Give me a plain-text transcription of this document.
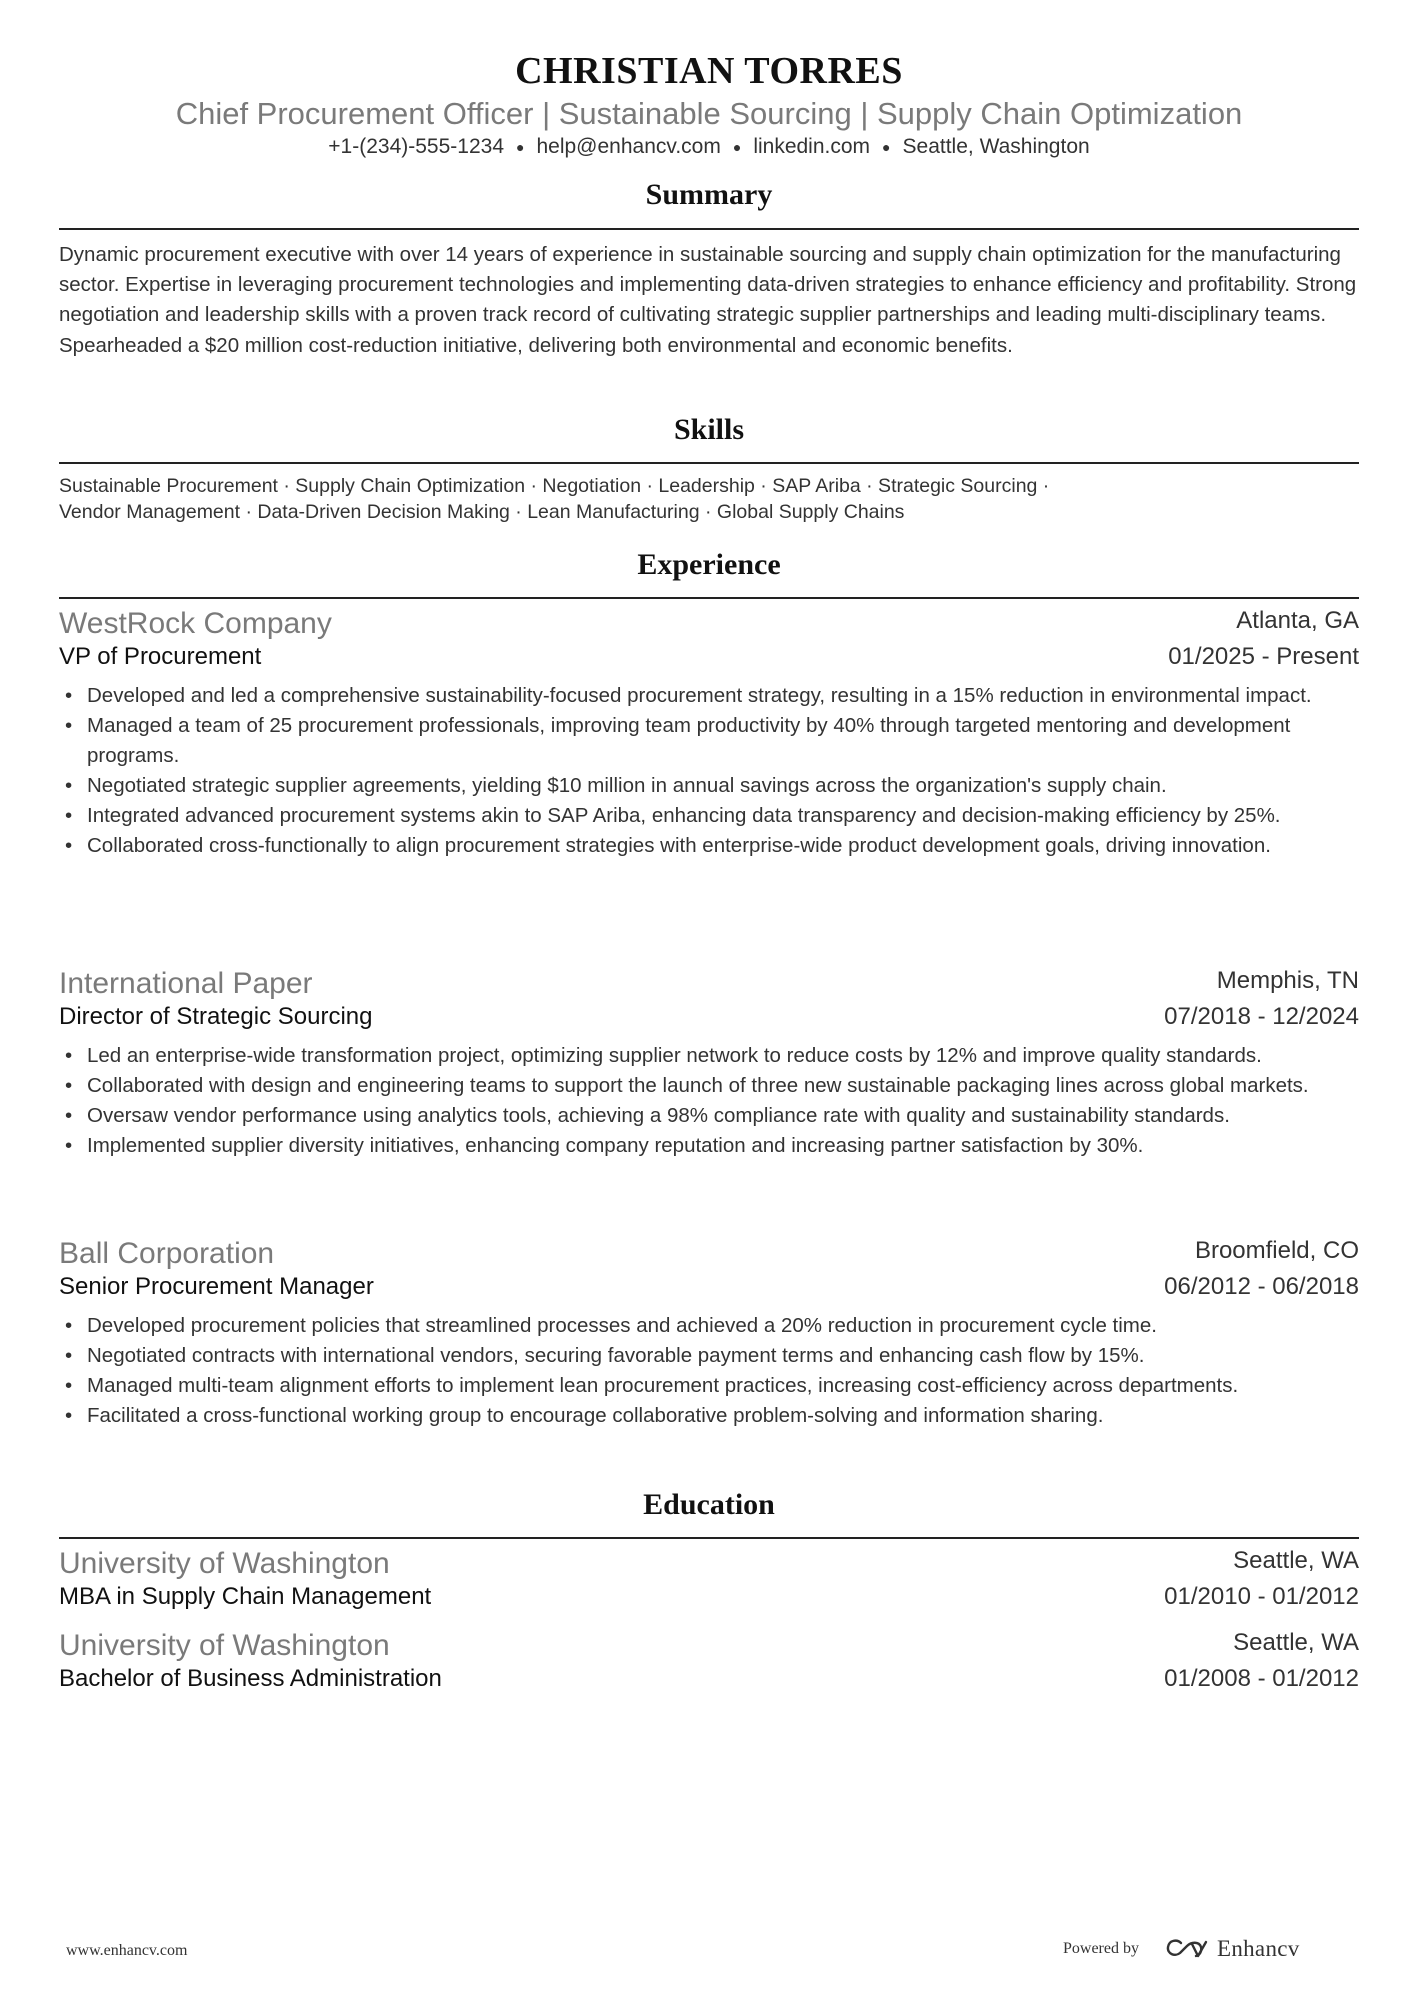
CHRISTIAN TORRES
Chief Procurement Officer | Sustainable Sourcing | Supply Chain Optimization
+1-(234)-555-1234 ● help@enhancv.com ● linkedin.com ● Seattle, Washington
Summary

Dynamic procurement executive with over 14 years of experience in sustainable sourcing and supply chain optimization for the manufacturing sector. Expertise in leveraging procurement technologies and implementing data-driven strategies to enhance efficiency and profitability. Strong negotiation and leadership skills with a proven track record of cultivating strategic supplier partnerships and leading multi-disciplinary teams. Spearheaded a $20 million cost-reduction initiative, delivering both environmental and economic benefits.

Skills
Sustainable Procurement · Supply Chain Optimization · Negotiation · Leadership · SAP Ariba · Strategic Sourcing ·
Vendor Management · Data-Driven Decision Making · Lean Manufacturing · Global Supply Chains
Experience
WestRock Company	Atlanta, GA
VP of Procurement	01/2025 - Present
• Developed and led a comprehensive sustainability-focused procurement strategy, resulting in a 15% reduction in environmental impact.
• Managed a team of 25 procurement professionals, improving team productivity by 40% through targeted mentoring and development programs.
• Negotiated strategic supplier agreements, yielding $10 million in annual savings across the organization's supply chain.
• Integrated advanced procurement systems akin to SAP Ariba, enhancing data transparency and decision-making efficiency by 25%.
• Collaborated cross-functionally to align procurement strategies with enterprise-wide product development goals, driving innovation.
International Paper	Memphis, TN
Director of Strategic Sourcing	07/2018 - 12/2024
• Led an enterprise-wide transformation project, optimizing supplier network to reduce costs by 12% and improve quality standards.
• Collaborated with design and engineering teams to support the launch of three new sustainable packaging lines across global markets.
• Oversaw vendor performance using analytics tools, achieving a 98% compliance rate with quality and sustainability standards.
• Implemented supplier diversity initiatives, enhancing company reputation and increasing partner satisfaction by 30%.
Ball Corporation	Broomfield, CO
Senior Procurement Manager	06/2012 - 06/2018
• Developed procurement policies that streamlined processes and achieved a 20% reduction in procurement cycle time.
• Negotiated contracts with international vendors, securing favorable payment terms and enhancing cash flow by 15%.
• Managed multi-team alignment efforts to implement lean procurement practices, increasing cost-efficiency across departments.
• Facilitated a cross-functional working group to encourage collaborative problem-solving and information sharing.
Education
University of Washington	Seattle, WA
MBA in Supply Chain Management	01/2010 - 01/2012
University of Washington	Seattle, WA
Bachelor of Business Administration	01/2008 - 01/2012
www.enhancv.com	Powered by	Enhancv
